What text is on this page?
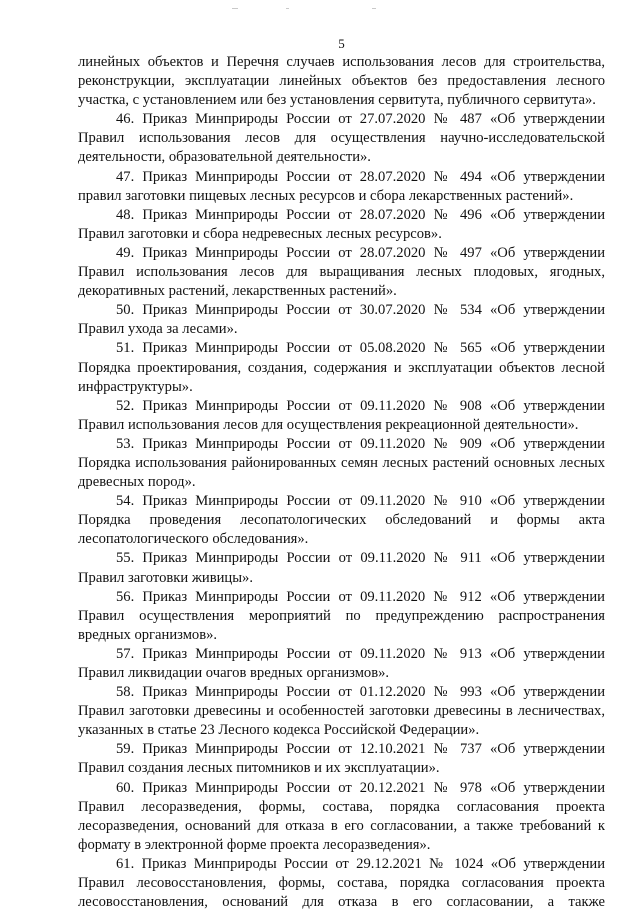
5

линейных объектов и Перечня случаев использования лесов для строительства, реконструкции, эксплуатации линейных объектов без предоставления лесного участка, с установлением или без установления сервитута, публичного сервитута».

46. Приказ Минприроды России от 27.07.2020 № 487 «Об утверждении Правил использования лесов для осуществления научно-исследовательской деятельности, образовательной деятельности».

47. Приказ Минприроды России от 28.07.2020 № 494 «Об утверждении правил заготовки пищевых лесных ресурсов и сбора лекарственных растений».

48. Приказ Минприроды России от 28.07.2020 № 496 «Об утверждении Правил заготовки и сбора недревесных лесных ресурсов».

49. Приказ Минприроды России от 28.07.2020 № 497 «Об утверждении Правил использования лесов для выращивания лесных плодовых, ягодных, декоративных растений, лекарственных растений».

50. Приказ Минприроды России от 30.07.2020 № 534 «Об утверждении Правил ухода за лесами».

51. Приказ Минприроды России от 05.08.2020 № 565 «Об утверждении Порядка проектирования, создания, содержания и эксплуатации объектов лесной инфраструктуры».

52. Приказ Минприроды России от 09.11.2020 № 908 «Об утверждении Правил использования лесов для осуществления рекреационной деятельности».

53. Приказ Минприроды России от 09.11.2020 № 909 «Об утверждении Порядка использования районированных семян лесных растений основных лесных древесных пород».

54. Приказ Минприроды России от 09.11.2020 № 910 «Об утверждении Порядка проведения лесопатологических обследований и формы акта лесопатологического обследования».

55. Приказ Минприроды России от 09.11.2020 № 911 «Об утверждении Правил заготовки живицы».

56. Приказ Минприроды России от 09.11.2020 № 912 «Об утверждении Правил осуществления мероприятий по предупреждению распространения вредных организмов».

57. Приказ Минприроды России от 09.11.2020 № 913 «Об утверждении Правил ликвидации очагов вредных организмов».

58. Приказ Минприроды России от 01.12.2020 № 993 «Об утверждении Правил заготовки древесины и особенностей заготовки древесины в лесничествах, указанных в статье 23 Лесного кодекса Российской Федерации».

59. Приказ Минприроды России от 12.10.2021 № 737 «Об утверждении Правил создания лесных питомников и их эксплуатации».

60. Приказ Минприроды России от 20.12.2021 № 978 «Об утверждении Правил лесоразведения, формы, состава, порядка согласования проекта лесоразведения, оснований для отказа в его согласовании, а также требований к формату в электронной форме проекта лесоразведения».

61. Приказ Минприроды России от 29.12.2021 № 1024 «Об утверждении Правил лесовосстановления, формы, состава, порядка согласования проекта лесовосстановления, оснований для отказа в его согласовании, а также
